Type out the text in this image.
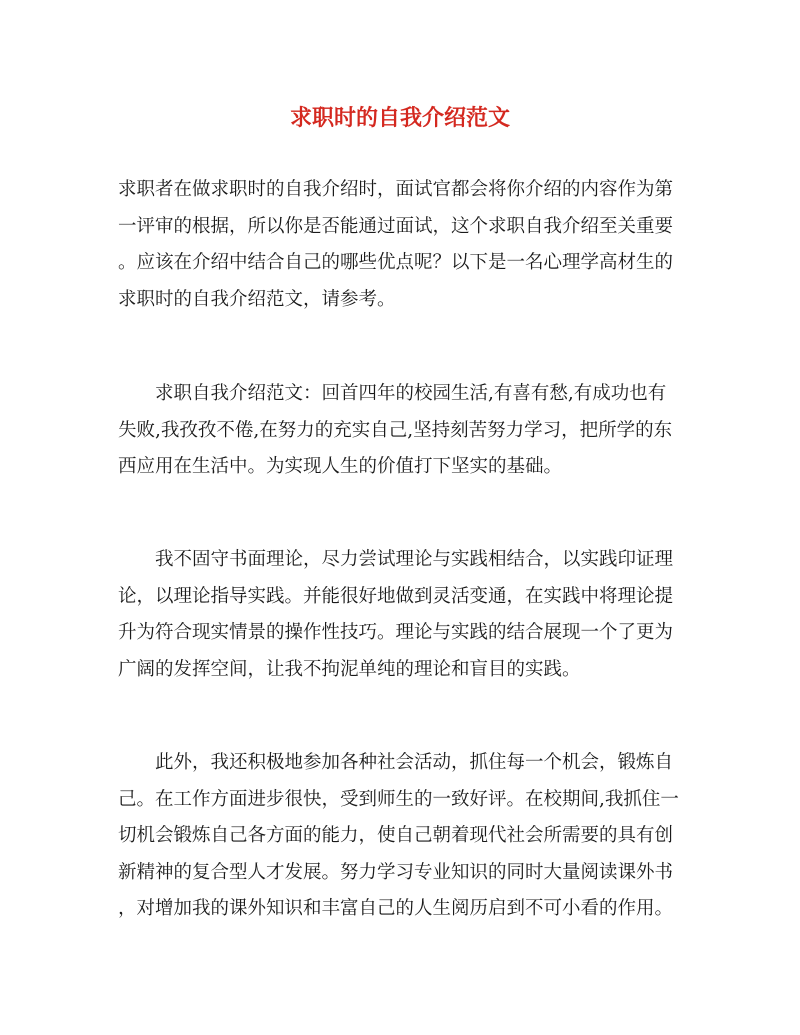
求职时的自我介绍范文
求职者在做求职时的自我介绍时，面试官都会将你介绍的内容作为第
一评审的根据，所以你是否能通过面试，这个求职自我介绍至关重要
。应该在介绍中结合自己的哪些优点呢？以下是一名心理学高材生的
求职时的自我介绍范文，请参考。
　　求职自我介绍范文：回首四年的校园生活,有喜有愁,有成功也有
失败,我孜孜不倦,在努力的充实自己,坚持刻苦努力学习，把所学的东
西应用在生活中。为实现人生的价值打下坚实的基础。
　　我不固守书面理论，尽力尝试理论与实践相结合，以实践印证理
论，以理论指导实践。并能很好地做到灵活变通，在实践中将理论提
升为符合现实情景的操作性技巧。理论与实践的结合展现一个了更为
广阔的发挥空间，让我不拘泥单纯的理论和盲目的实践。
　　此外，我还积极地参加各种社会活动，抓住每一个机会，锻炼自
己。在工作方面进步很快，受到师生的一致好评。在校期间,我抓住一
切机会锻炼自己各方面的能力，使自己朝着现代社会所需要的具有创
新精神的复合型人才发展。努力学习专业知识的同时大量阅读课外书
，对增加我的课外知识和丰富自己的人生阅历启到不可小看的作用。
